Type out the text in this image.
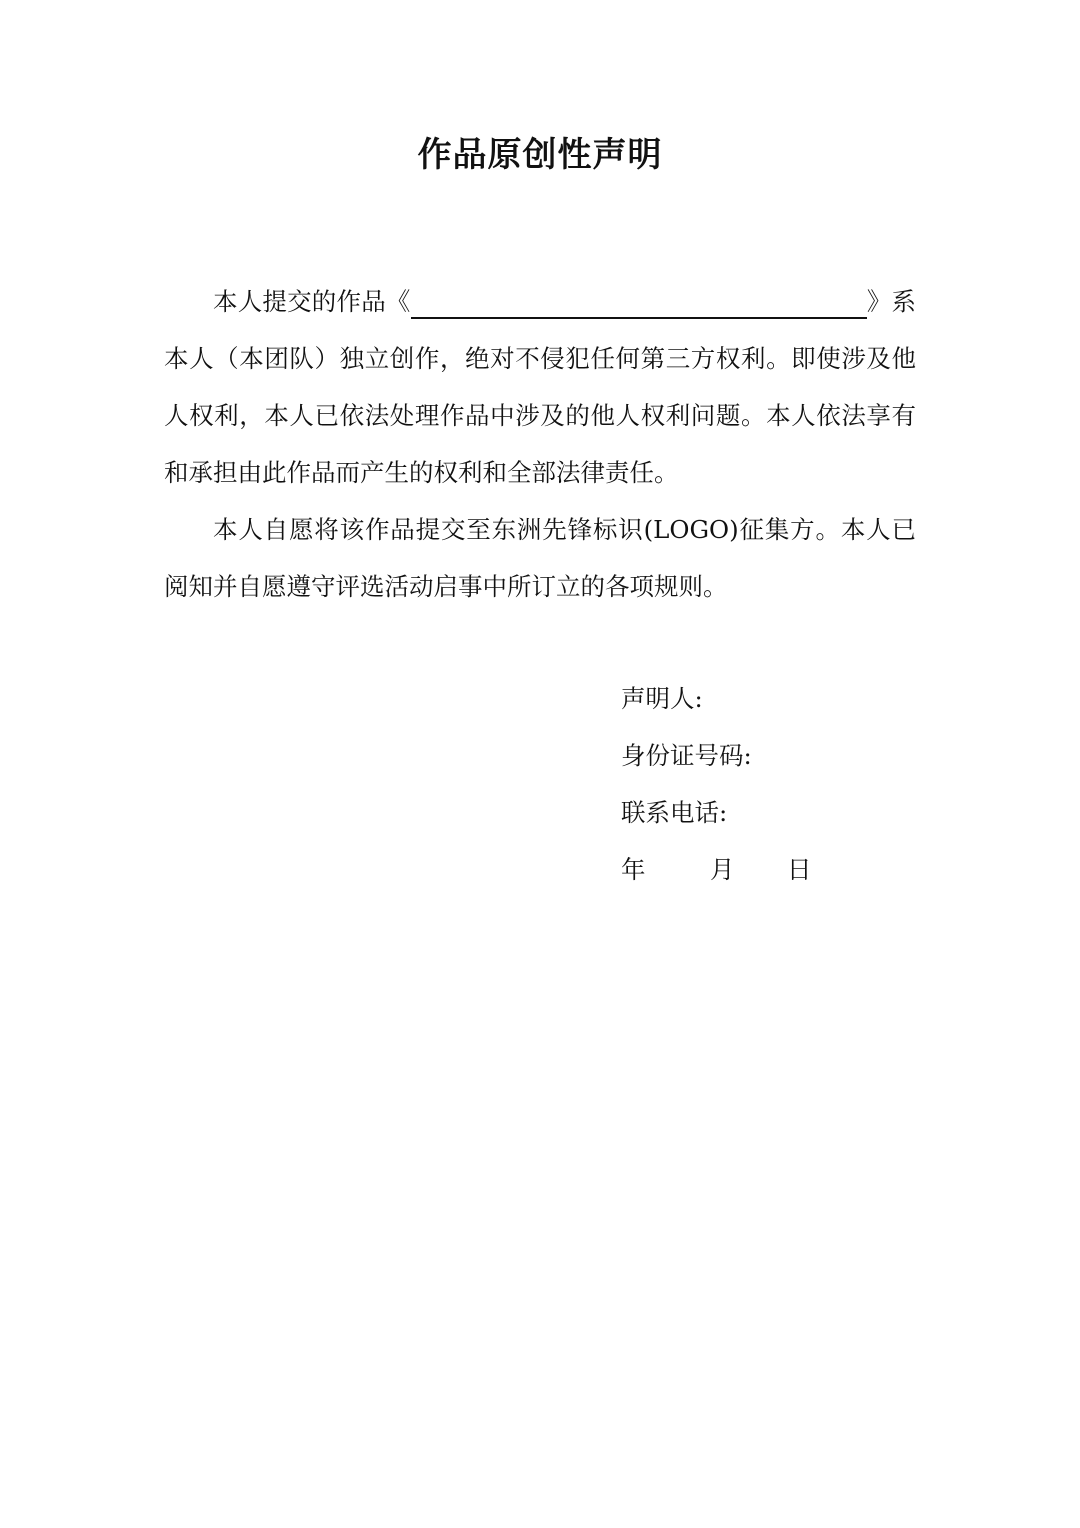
作品原创性声明

本人提交的作品《	》系本人（本团队）独立创作，绝对不侵犯任何第三方权利。即使涉及他人权利，本人已依法处理作品中涉及的他人权利问题。本人依法享有和承担由此作品而产生的权利和全部法律责任。

本人自愿将该作品提交至东洲先锋标识(LOGO)征集方。本人已阅知并自愿遵守评选活动启事中所订立的各项规则。

声明人:

身份证号码:

联系电话:

年	月 日
